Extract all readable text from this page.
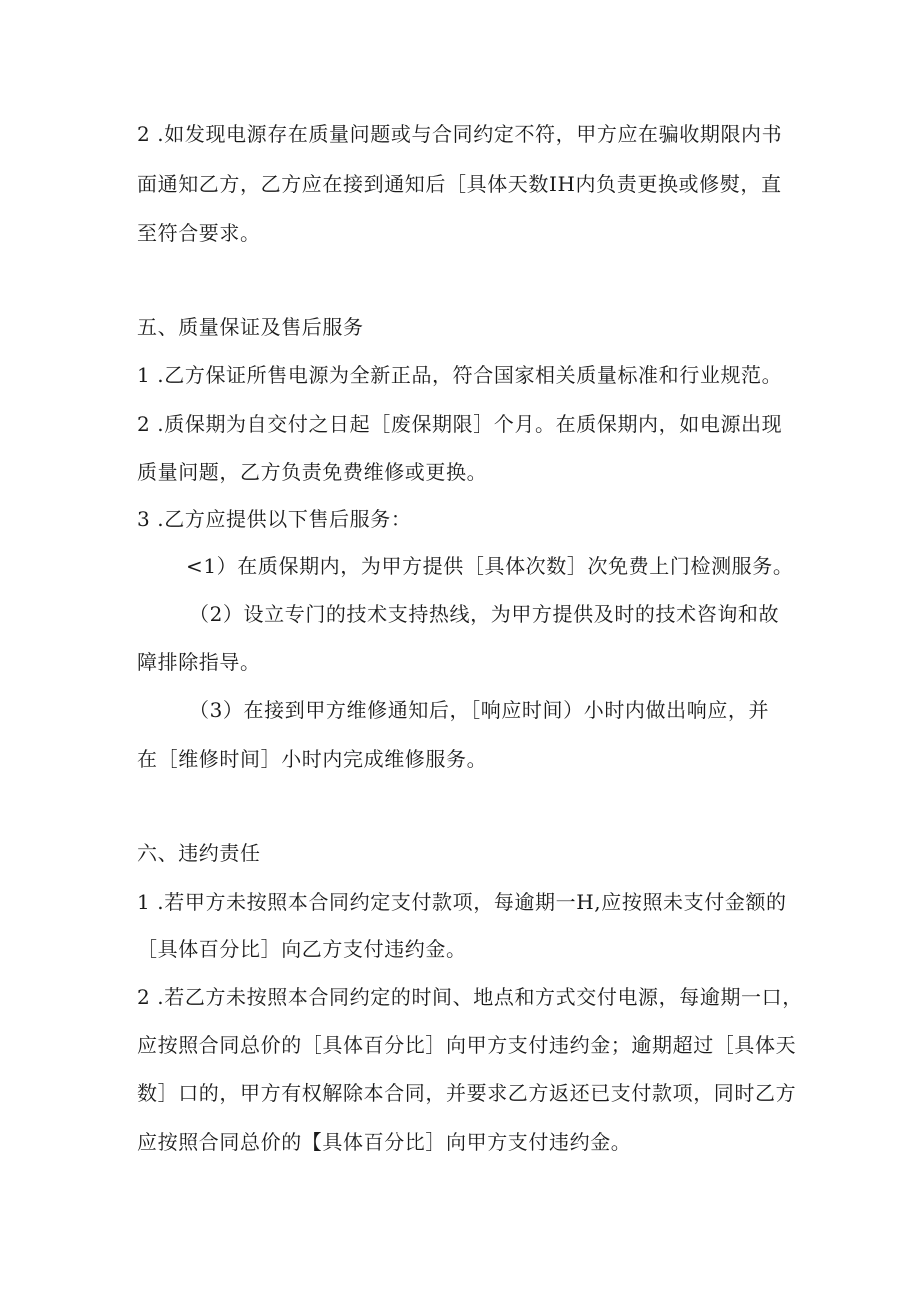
2 .如发现电源存在质量问题或与合同约定不符，甲方应在骗收期限内书
面通知乙方，乙方应在接到通知后［具体天数IH内负责更换或修熨，直
至符合要求。
五、质量保证及售后服务
1 .乙方保证所售电源为全新正品，符合国家相关质量标准和行业规范。
2 .质保期为自交付之日起［废保期限］个月。在质保期内，如电源出现
质量问题，乙方负责免费维修或更换。
3 .乙方应提供以下售后服务：
<1）在质保期内，为甲方提供［具体次数］次免费上门检测服务。
（2）设立专门的技术支持热线，为甲方提供及时的技术咨询和故
障排除指导。
（3）在接到甲方维修通知后，［响应时间）小时内做出响应，并
在［维修时间］小时内完成维修服务。
六、违约责任
1 .若甲方未按照本合同约定支付款项，每逾期一H,应按照未支付金额的
［具体百分比］向乙方支付违约金。
2 .若乙方未按照本合同约定的时间、地点和方式交付电源，每逾期一口，
应按照合同总价的［具体百分比］向甲方支付违约金；逾期超过［具体天
数］口的，甲方有权解除本合同，并要求乙方返还已支付款项，同时乙方
应按照合同总价的【具体百分比］向甲方支付违约金。
